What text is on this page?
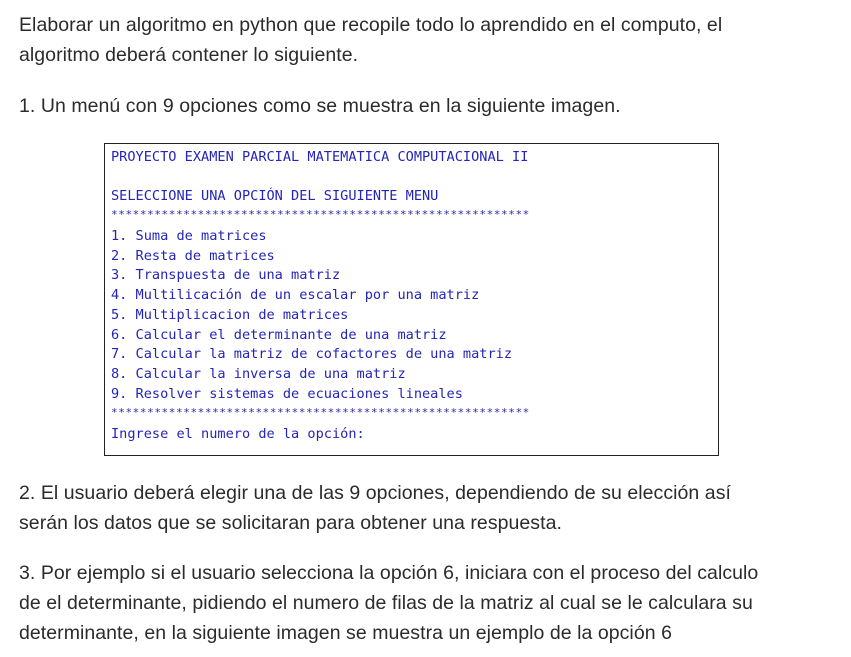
Elaborar un algoritmo en python que recopile todo lo aprendido en el computo, el
algoritmo deberá contener lo siguiente.

1. Un menú con 9 opciones como se muestra en la siguiente imagen.

PROYECTO EXAMEN PARCIAL MATEMATICA COMPUTACIONAL II
SELECCIONE UNA OPCIÓN DEL SIGUIENTE MENU
**********************************************************
1. Suma de matrices
2. Resta de matrices
3. Transpuesta de una matriz
4. Multilicación de un escalar por una matriz
5. Multiplicacion de matrices
6. Calcular el determinante de una matriz
7. Calcular la matriz de cofactores de una matriz
8. Calcular la inversa de una matriz
9. Resolver sistemas de ecuaciones lineales
**********************************************************
Ingrese el numero de la opción:

2. El usuario deberá elegir una de las 9 opciones, dependiendo de su elección así
serán los datos que se solicitaran para obtener una respuesta.

3. Por ejemplo si el usuario selecciona la opción 6, iniciara con el proceso del calculo
de el determinante, pidiendo el numero de filas de la matriz al cual se le calculara su
determinante, en la siguiente imagen se muestra un ejemplo de la opción 6
